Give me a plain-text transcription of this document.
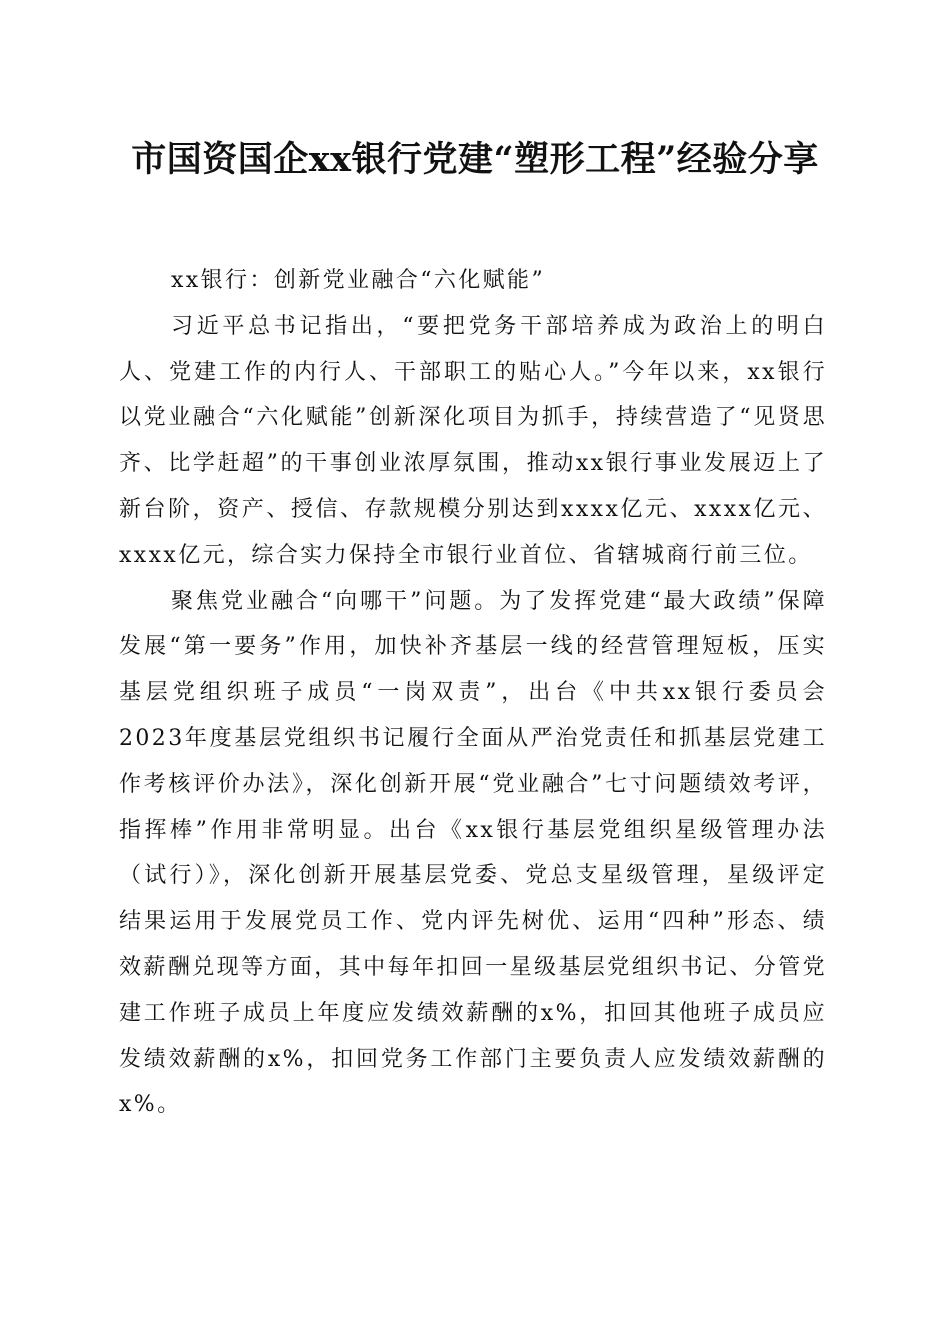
市国资国企xx银行党建“塑形工程”经验分享

xx银行：创新党业融合“六化赋能”

习近平总书记指出，“要把党务干部培养成为政治上的明白人、党建工作的内行人、干部职工的贴心人。”今年以来，xx银行以党业融合“六化赋能”创新深化项目为抓手，持续营造了“见贤思齐、比学赶超”的干事创业浓厚氛围，推动xx银行事业发展迈上了新台阶，资产、授信、存款规模分别达到xxxx亿元、xxxx亿元、xxxx亿元，综合实力保持全市银行业首位、省辖城商行前三位。

聚焦党业融合“向哪干”问题。为了发挥党建“最大政绩”保障发展“第一要务”作用，加快补齐基层一线的经营管理短板，压实基层党组织班子成员“一岗双责”，出台《中共xx银行委员会2023年度基层党组织书记履行全面从严治党责任和抓基层党建工作考核评价办法》，深化创新开展“党业融合”七寸问题绩效考评，指挥棒”作用非常明显。出台《xx银行基层党组织星级管理办法（试行）》，深化创新开展基层党委、党总支星级管理，星级评定结果运用于发展党员工作、党内评先树优、运用“四种”形态、绩效薪酬兑现等方面，其中每年扣回一星级基层党组织书记、分管党建工作班子成员上年度应发绩效薪酬的x%，扣回其他班子成员应发绩效薪酬的x%，扣回党务工作部门主要负责人应发绩效薪酬的x%。
